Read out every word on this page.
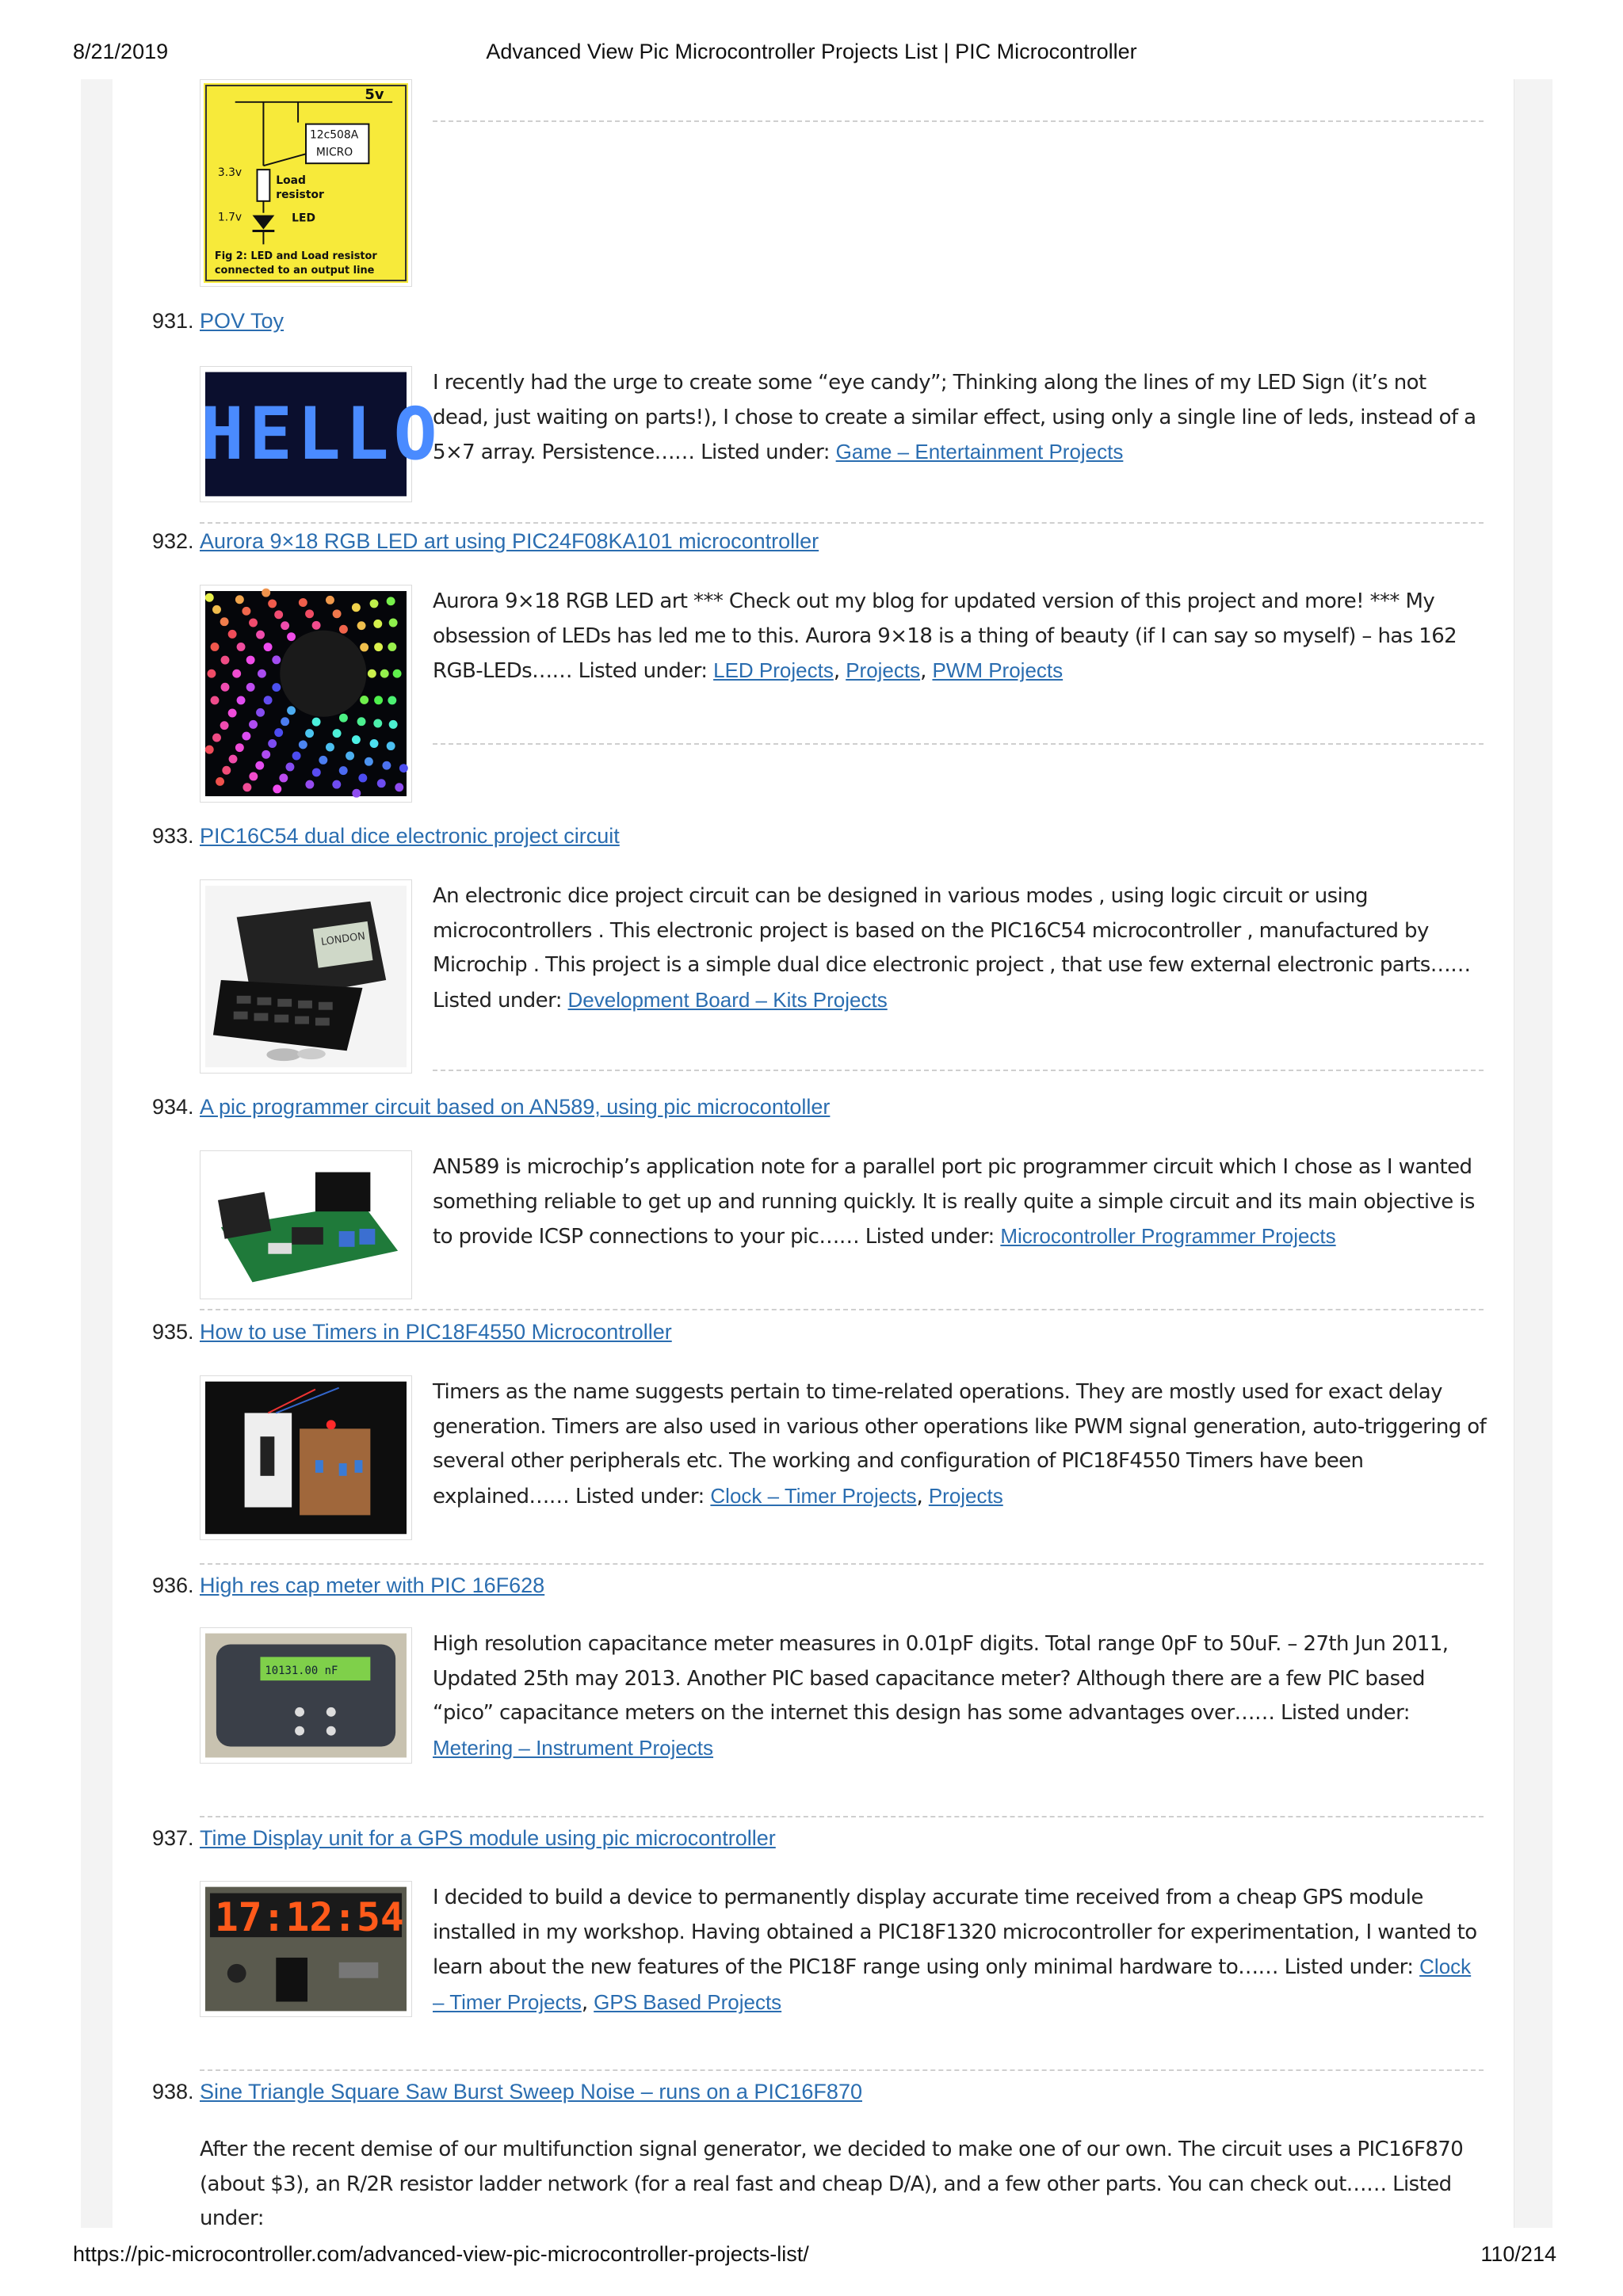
8/21/2019	Advanced View Pic Microcontroller Projects List | PIC Microcontroller
5v
12c508A
MICRO
3.3v
Load
resistor
1.7v	LED
Fig 2: LED and Load resistor
connected to an output line
931. POV Toy
HELLO
I recently had the urge to create some “eye candy”; Thinking along the lines of my LED Sign (it’s not dead, just waiting on parts!), I chose to create a similar effect, using only a single line of leds, instead of a 5×7 array. Persistence…… Listed under: Game – Entertainment Projects
932. Aurora 9×18 RGB LED art using PIC24F08KA101 microcontroller
Aurora 9×18 RGB LED art *** Check out my blog for updated version of this project and more! *** My obsession of LEDs has led me to this. Aurora 9×18 is a thing of beauty (if I can say so myself) – has 162 RGB-LEDs…… Listed under: LED Projects, Projects, PWM Projects
933. PIC16C54 dual dice electronic project circuit
LONDON
An electronic dice project circuit can be designed in various modes , using logic circuit or using microcontrollers . This electronic project is based on the PIC16C54 microcontroller , manufactured by Microchip . This project is a simple dual dice electronic project , that use few external electronic parts…… Listed under: Development Board – Kits Projects
934. A pic programmer circuit based on AN589, using pic microcontoller
AN589 is microchip’s application note for a parallel port pic programmer circuit which I chose as I wanted something reliable to get up and running quickly. It is really quite a simple circuit and its main objective is to provide ICSP connections to your pic…… Listed under: Microcontroller Programmer Projects
935. How to use Timers in PIC18F4550 Microcontroller
Timers as the name suggests pertain to time-related operations. They are mostly used for exact delay generation. Timers are also used in various other operations like PWM signal generation, auto-triggering of several other peripherals etc. The working and configuration of PIC18F4550 Timers have been explained…… Listed under: Clock – Timer Projects, Projects
936. High res cap meter with PIC 16F628
10131.00 nF
High resolution capacitance meter measures in 0.01pF digits. Total range 0pF to 50uF. – 27th Jun 2011, Updated 25th may 2013. Another PIC based capacitance meter? Although there are a few PIC based “pico” capacitance meters on the internet this design has some advantages over…… Listed under: Metering – Instrument Projects
937. Time Display unit for a GPS module using pic microcontroller
17:12:54 I decided to build a device to permanently display accurate time received from a cheap GPS module installed in my workshop. Having obtained a PIC18F1320 microcontroller for experimentation, I wanted to learn about the new features of the PIC18F range using only minimal hardware to…… Listed under: Clock – Timer Projects, GPS Based Projects
938. Sine Triangle Square Saw Burst Sweep Noise – runs on a PIC16F870
After the recent demise of our multifunction signal generator, we decided to make one of our own. The circuit uses a PIC16F870 (about $3), an R/2R resistor ladder network (for a real fast and cheap D/A), and a few other parts. You can check out…… Listed under:
https://pic-microcontroller.com/advanced-view-pic-microcontroller-projects-list/	110/214
